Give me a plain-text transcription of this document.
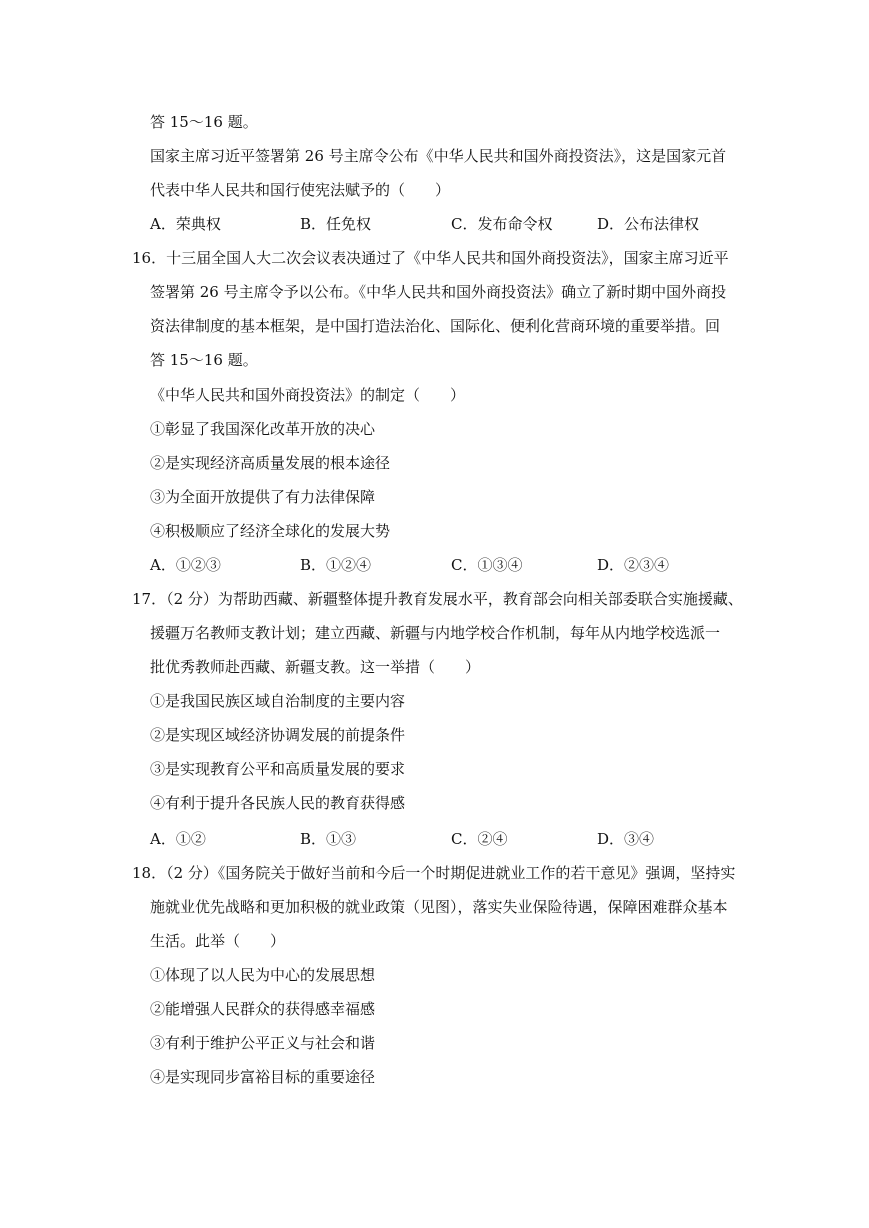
答 15～16 题。
国家主席习近平签署第 26 号主席令公布《中华人民共和国外商投资法》，这是国家元首
代表中华人民共和国行使宪法赋予的（　　）
A．荣典权	B．任免权	C．发布命令权	D．公布法律权
16．十三届全国人大二次会议表决通过了《中华人民共和国外商投资法》，国家主席习近平
签署第 26 号主席令予以公布。《中华人民共和国外商投资法》确立了新时期中国外商投
资法律制度的基本框架，是中国打造法治化、国际化、便利化营商环境的重要举措。回
答 15～16 题。
《中华人民共和国外商投资法》的制定（　　）
①彰显了我国深化改革开放的决心
②是实现经济高质量发展的根本途径
③为全面开放提供了有力法律保障
④积极顺应了经济全球化的发展大势
A．①②③	B．①②④	C．①③④	D．②③④
17．（2 分）为帮助西藏、新疆整体提升教育发展水平，教育部会向相关部委联合实施援藏、
援疆万名教师支教计划；建立西藏、新疆与内地学校合作机制，每年从内地学校选派一
批优秀教师赴西藏、新疆支教。这一举措（　　）
①是我国民族区域自治制度的主要内容
②是实现区域经济协调发展的前提条件
③是实现教育公平和高质量发展的要求
④有利于提升各民族人民的教育获得感
A．①②	B．①③	C．②④	D．③④
18．（2 分）《国务院关于做好当前和今后一个时期促进就业工作的若干意见》强调，坚持实
施就业优先战略和更加积极的就业政策（见图），落实失业保险待遇，保障困难群众基本
生活。此举（　　）
①体现了以人民为中心的发展思想
②能增强人民群众的获得感幸福感
③有利于维护公平正义与社会和谐
④是实现同步富裕目标的重要途径
